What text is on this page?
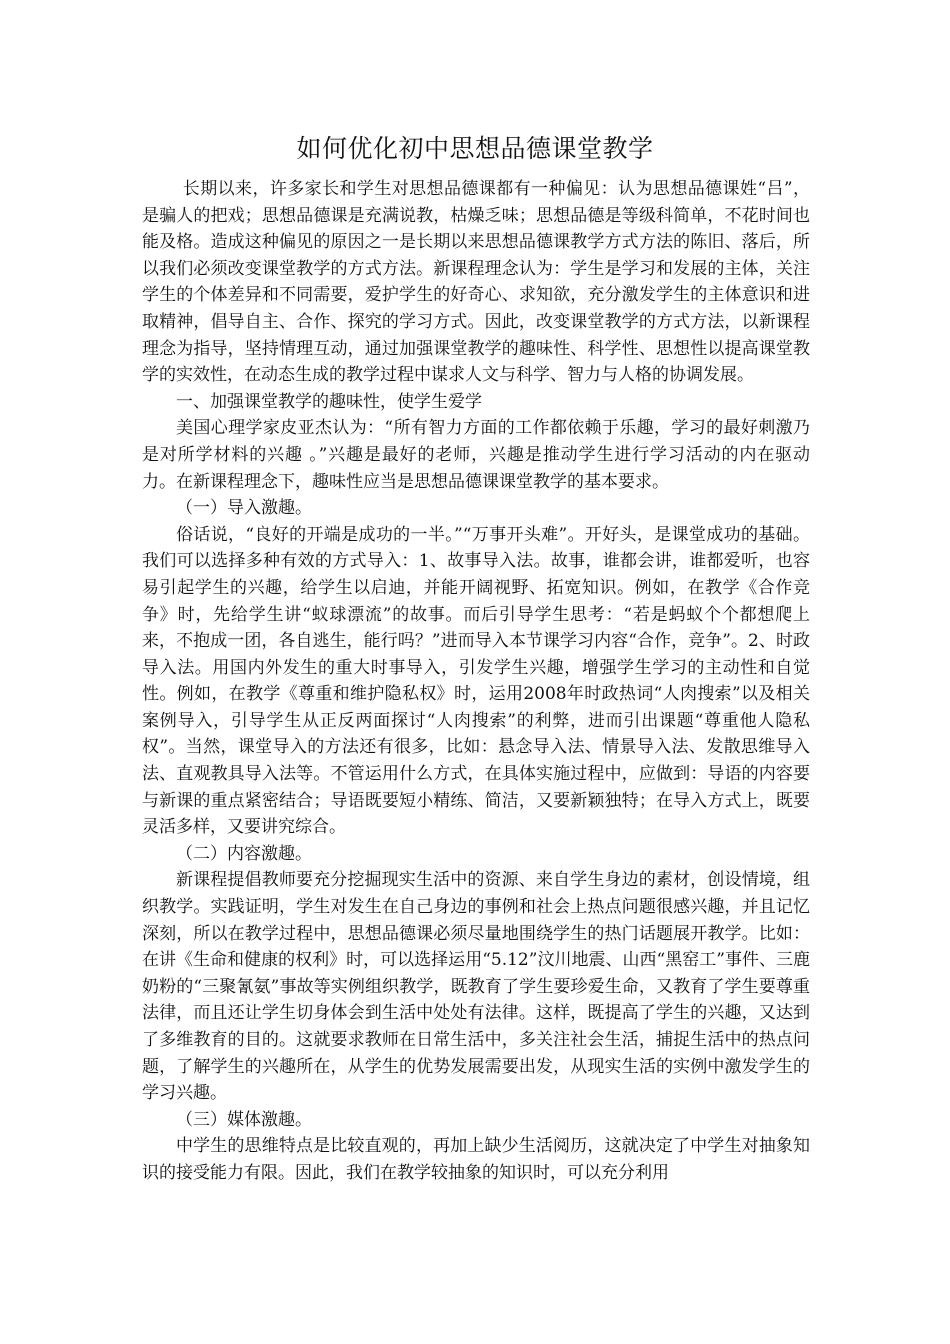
如何优化初中思想品德课堂教学

长期以来，许多家长和学生对思想品德课都有一种偏见：认为思想品德课姓“吕”，是骗人的把戏；思想品德课是充满说教，枯燥乏味；思想品德是等级科简单，不花时间也能及格。造成这种偏见的原因之一是长期以来思想品德课教学方式方法的陈旧、落后，所以我们必须改变课堂教学的方式方法。新课程理念认为：学生是学习和发展的主体，关注学生的个体差异和不同需要，爱护学生的好奇心、求知欲，充分激发学生的主体意识和进取精神，倡导自主、合作、探究的学习方式。因此，改变课堂教学的方式方法，以新课程理念为指导，坚持情理互动，通过加强课堂教学的趣味性、科学性、思想性以提高课堂教学的实效性，在动态生成的教学过程中谋求人文与科学、智力与人格的协调发展。

一、加强课堂教学的趣味性，使学生爱学

美国心理学家皮亚杰认为：“所有智力方面的工作都依赖于乐趣，学习的最好刺激乃是对所学材料的兴趣 。”兴趣是最好的老师，兴趣是推动学生进行学习活动的内在驱动力。在新课程理念下，趣味性应当是思想品德课课堂教学的基本要求。

（一）导入激趣。

俗话说，“良好的开端是成功的一半。”“万事开头难”。开好头，是课堂成功的基础。我们可以选择多种有效的方式导入：1、故事导入法。故事，谁都会讲，谁都爱听，也容易引起学生的兴趣，给学生以启迪，并能开阔视野、拓宽知识。例如，在教学《合作竞争》时，先给学生讲“蚁球漂流”的故事。而后引导学生思考：“若是蚂蚁个个都想爬上来，不抱成一团，各自逃生，能行吗？”进而导入本节课学习内容“合作，竞争”。2、时政导入法。用国内外发生的重大时事导入，引发学生兴趣，增强学生学习的主动性和自觉性。例如，在教学《尊重和维护隐私权》时，运用2008年时政热词“人肉搜索”以及相关案例导入，引导学生从正反两面探讨“人肉搜索”的利弊，进而引出课题“尊重他人隐私权”。当然，课堂导入的方法还有很多，比如：悬念导入法、情景导入法、发散思维导入法、直观教具导入法等。不管运用什么方式，在具体实施过程中，应做到：导语的内容要与新课的重点紧密结合；导语既要短小精练、简洁，又要新颖独特；在导入方式上，既要灵活多样，又要讲究综合。

（二）内容激趣。

新课程提倡教师要充分挖掘现实生活中的资源、来自学生身边的素材，创设情境，组织教学。实践证明，学生对发生在自己身边的事例和社会上热点问题很感兴趣，并且记忆深刻，所以在教学过程中，思想品德课必须尽量地围绕学生的热门话题展开教学。比如：在讲《生命和健康的权利》时，可以选择运用“5.12”汶川地震、山西“黑窑工”事件、三鹿奶粉的“三聚氰氨”事故等实例组织教学，既教育了学生要珍爱生命，又教育了学生要尊重法律，而且还让学生切身体会到生活中处处有法律。这样，既提高了学生的兴趣，又达到了多维教育的目的。这就要求教师在日常生活中，多关注社会生活，捕捉生活中的热点问题，了解学生的兴趣所在，从学生的优势发展需要出发，从现实生活的实例中激发学生的学习兴趣。

（三）媒体激趣。

中学生的思维特点是比较直观的，再加上缺少生活阅历，这就决定了中学生对抽象知识的接受能力有限。因此，我们在教学较抽象的知识时，可以充分利用
